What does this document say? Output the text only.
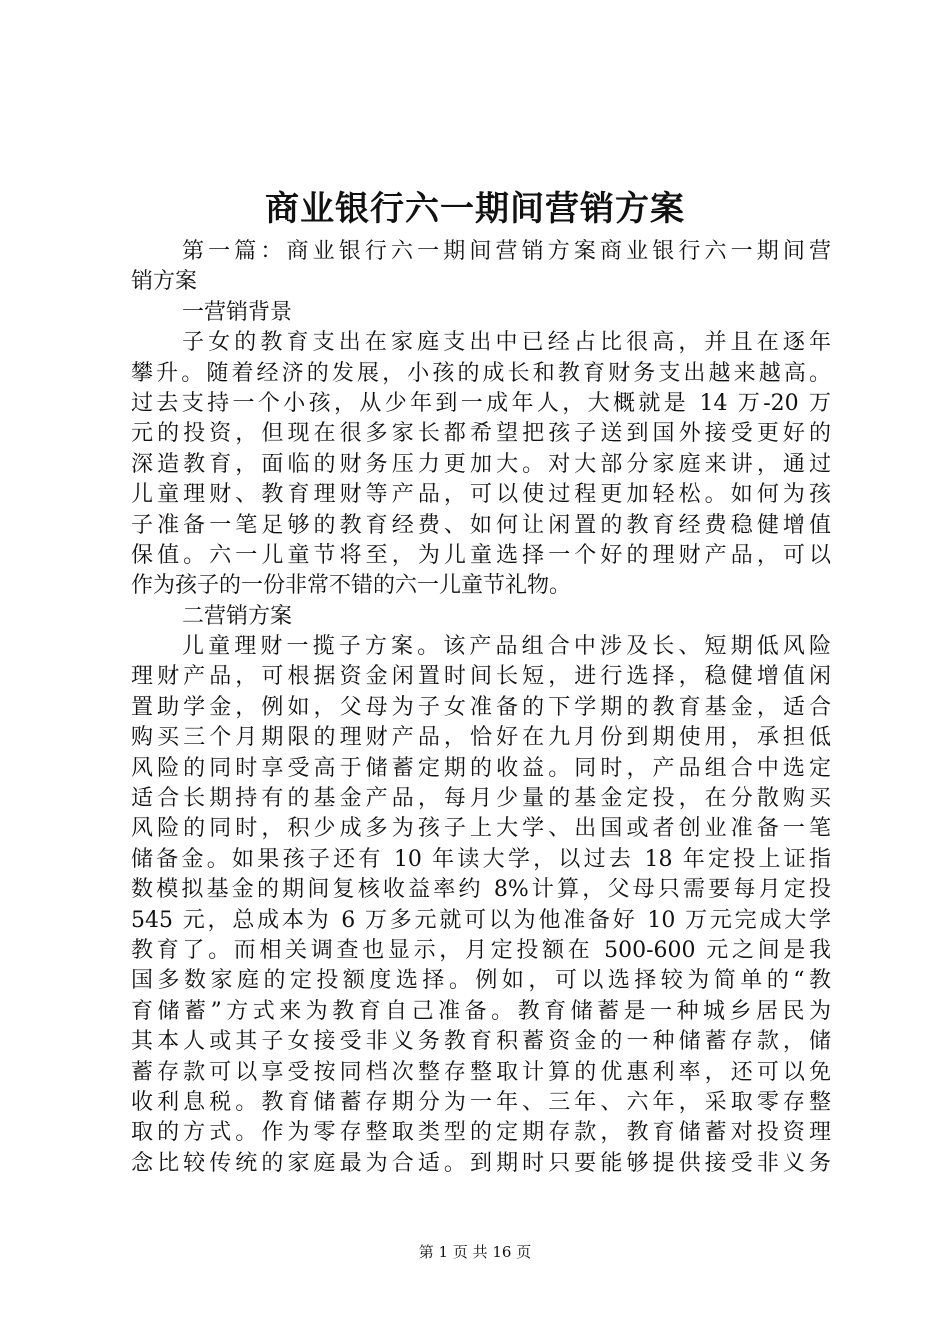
商业银行六一期间营销方案
第一篇：商业银行六一期间营销方案商业银行六一期间营
销方案
一营销背景
子女的教育支出在家庭支出中已经占比很高，并且在逐年
攀升。随着经济的发展，小孩的成长和教育财务支出越来越高。
过去支持一个小孩，从少年到一成年人，大概就是 14 万-20 万
元的投资，但现在很多家长都希望把孩子送到国外接受更好的
深造教育，面临的财务压力更加大。对大部分家庭来讲，通过
儿童理财、教育理财等产品，可以使过程更加轻松。如何为孩
子准备一笔足够的教育经费、如何让闲置的教育经费稳健增值
保值。六一儿童节将至，为儿童选择一个好的理财产品，可以
作为孩子的一份非常不错的六一儿童节礼物。
二营销方案
儿童理财一揽子方案。该产品组合中涉及长、短期低风险
理财产品，可根据资金闲置时间长短，进行选择，稳健增值闲
置助学金，例如，父母为子女准备的下学期的教育基金，适合
购买三个月期限的理财产品，恰好在九月份到期使用，承担低
风险的同时享受高于储蓄定期的收益。同时，产品组合中选定
适合长期持有的基金产品，每月少量的基金定投，在分散购买
风险的同时，积少成多为孩子上大学、出国或者创业准备一笔
储备金。如果孩子还有 10 年读大学，以过去 18 年定投上证指
数模拟基金的期间复核收益率约 8%计算，父母只需要每月定投
545 元，总成本为 6 万多元就可以为他准备好 10 万元完成大学
教育了。而相关调查也显示，月定投额在 500-600 元之间是我
国多数家庭的定投额度选择。例如，可以选择较为简单的“教
育储蓄”方式来为教育自己准备。教育储蓄是一种城乡居民为
其本人或其子女接受非义务教育积蓄资金的一种储蓄存款，储
蓄存款可以享受按同档次整存整取计算的优惠利率，还可以免
收利息税。教育储蓄存期分为一年、三年、六年，采取零存整
取的方式。作为零存整取类型的定期存款，教育储蓄对投资理
念比较传统的家庭最为合适。到期时只要能够提供接受非义务
第 1 页 共 16 页
